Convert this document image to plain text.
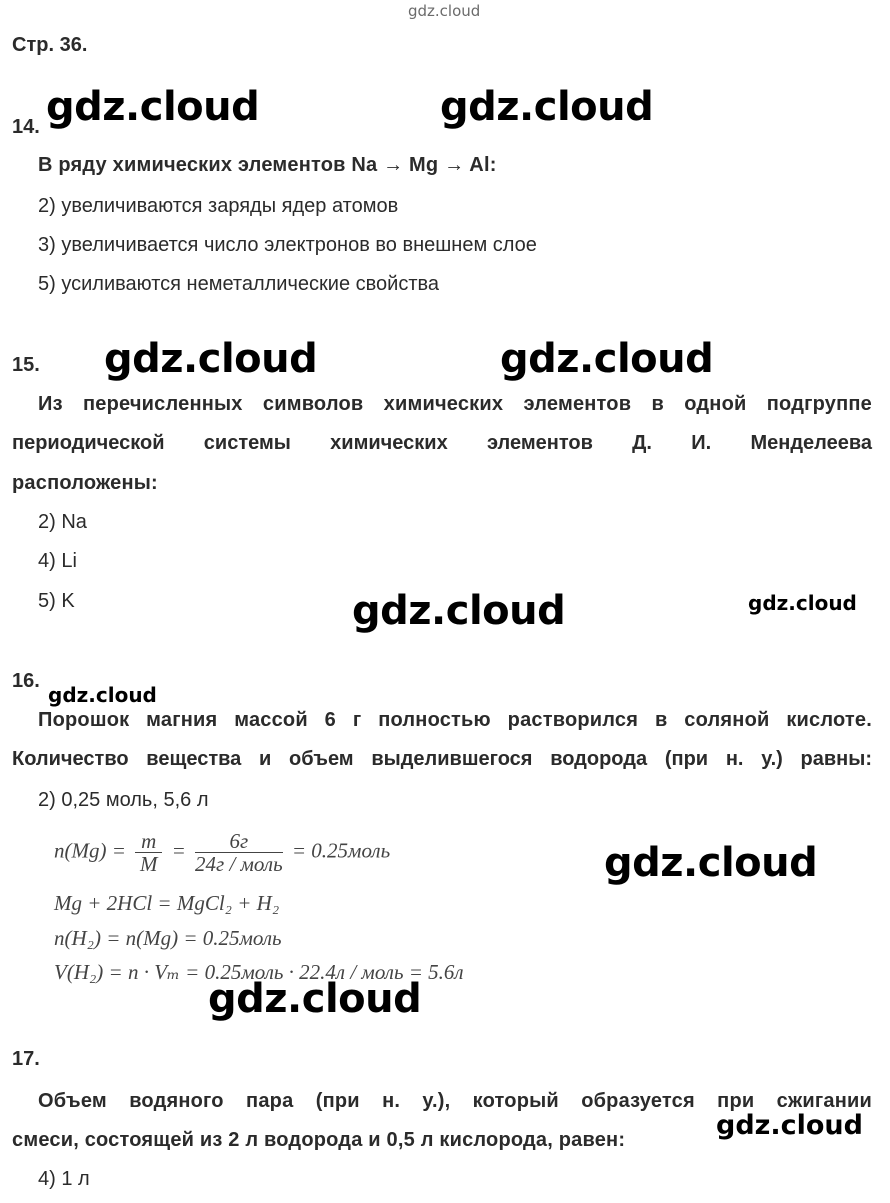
gdz.cloud
Стр. 36.
14. gdz.cloud	gdz.cloud
В ряду химических элементов Na → Mg → Al:
2) увеличиваются заряды ядер атомов
3) увеличивается число электронов во внешнем слое
5) усиливаются неметаллические свойства
15. gdz.cloud	gdz.cloud
Из перечисленных символов химических элементов в одной подгруппе
периодической системы химических элементов Д. И. Менделеева
расположены:
2) Na
4) Li
5) K	gdz.cloud	gdz.cloud
16.
gdz.cloud
Порошок магния массой 6 г полностью растворился в соляной кислоте.
Количество вещества и объем выделившегося водорода (при н. у.) равны:
2) 0,25 моль, 5,6 л
$n(Mg) = \frac{m}{M} = \frac{6г}{\text{24г / моль}}$ = 0.25моль	gdz.cloud
Mg + 2HCl = MgCl₂ + H₂
n(H₂) = n(Mg) = 0.25моль
V(H₂) = n · Vₘ = 0.25моль · 22.4л / моль = 5.6л
gdz.cloud
17.
Объем водяного пара (при н. у.), который образуется при сжигании
смеси, состоящей из 2 л водорода и 0,5 л кислорода, равен:	gdz.cloud
4) 1 л
